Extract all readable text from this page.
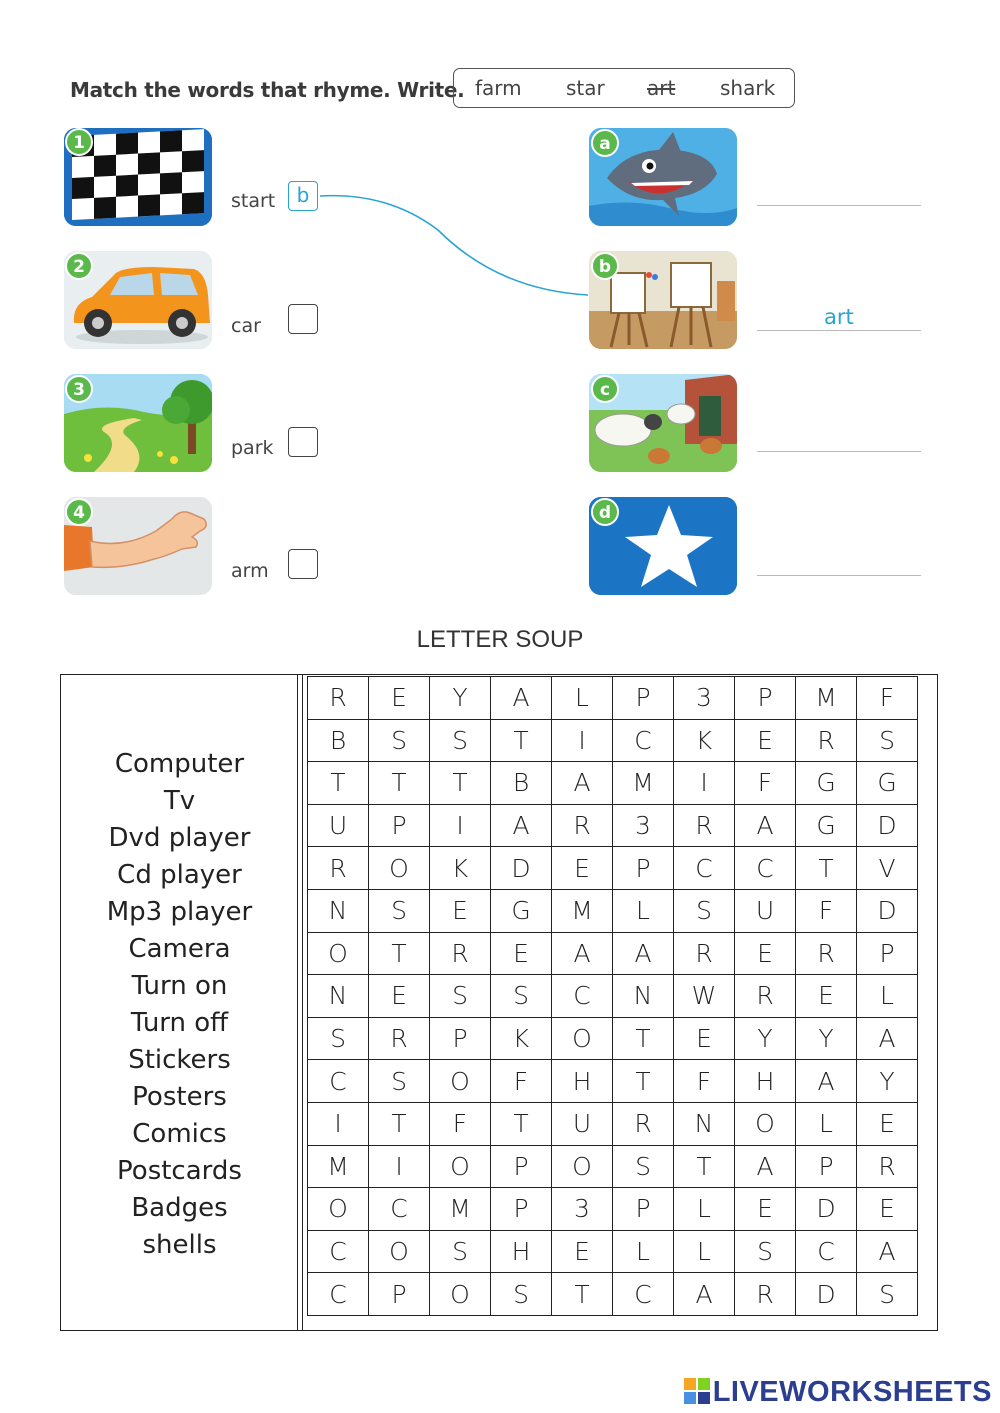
Match the words that rhyme. Write. farm star art shark
1
2
3
4
start	b
car
park
arm
a
b
c
d
art
LETTER SOUP
Computer
Tv
Dvd player
Cd player
Mp3 player
Camera
Turn on
Turn off
Stickers
Posters
Comics
Postcards
Badges
shells
R	E	Y	A	L	P	3	P	M	F
B	S	S	T	I	C	K	E	R	S
T	T	T	B	A	M	I	F	G	G
U	P	I	A	R	3	R	A	G	D
R	O	K	D	E	P	C	C	T	V
N	S	E	G	M	L	S	U	F	D
O	T	R	E	A	A	R	E	R	P
N	E	S	S	C	N	W	R	E	L
S	R	P	K	O	T	E	Y	Y	A
C	S	O	F	H	T	F	H	A	Y
I	T	F	T	U	R	N	O	L	E
M	I	O	P	O	S	T	A	P	R
O	C	M	P	3	P	L	E	D	E
C	O	S	H	E	L	L	S	C	A
C	P	O	S	T	C	A	R	D	S
LIVEWORKSHEETS
